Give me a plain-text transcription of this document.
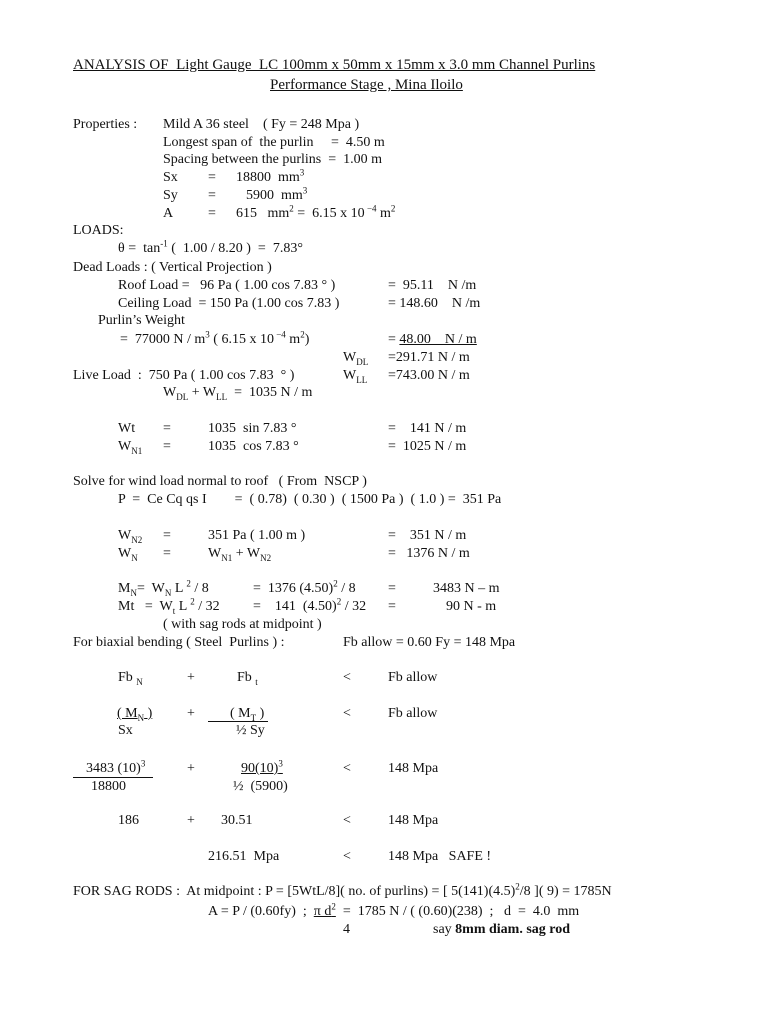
ANALYSIS OF  Light Gauge  LC 100mm x 50mm x 15mm x 3.0 mm Channel Purlins
Performance Stage , Mina Iloilo
Properties : Mild A 36 steel    ( Fy = 248 Mpa )
Longest span of  the purlin     =  4.50 m
Spacing between the purlins  =  1.00 m
Sx = 18800  $mm^3$
Sy = 5900  $mm^3$
A = 615   $mm^2 = 6.15$ x 10 $^{-4}$ $m^2$
LOADS:
$\theta = \tan^{-1}$ (  1.00 / 8.20 )  =  7.83°
Dead Loads : ( Vertical Projection )
Roof Load =   96 Pa ( 1.00 cos 7.83 ° )	=  95.11    N /m
Ceiling Load  = 150 Pa (1.00 cos 7.83 )	= 148.60    N /m
Purlin’s Weight
=  77000 N / $m^3$ ( 6.15 x 10 $^{-4}$ $m^2$)	= 48.00    N / m
$W_{DL} =291.71$ N / m
Live Load  :  750 Pa ( 1.00 cos 7.83  ° )	$W_{LL} =743.00$ N / m
$W_{DL} + W_{LL} = 1035$ N / m
Wt =	1035  sin 7.83 °	=    141 N / m
$W_{N1}$ =	1035  cos 7.83 °	=  1025 N / m
Solve for wind load normal to roof   ( From  NSCP )
P  =  Ce Cq qs I        =  ( 0.78)  ( 0.30 )  ( 1500 Pa )  ( 1.0 ) =  351 Pa
$W_{N2}$ =	351 Pa ( 1.00 m )	=    351 N / m
$W_N$ =	$W_{N1} + W_{N2}$	=   1376 N / m
$M_N= W_N$ L $^2$ / 8	=  1376 $(4.50)^2 / 8$ =	3483 N – m
$Mt = W_t$ L $^2$ / 32 =    141  $(4.50)^2 / 32$ =	90 N - m
( with sag rods at midpoint )
For biaxial bending ( Steel  Purlins ) :	Fb allow = 0.60 Fy = 148 Mpa
Fb $_N$	+	Fb $_t$	<	Fb allow
( $M_N$ ) +	( $M_T$ )	<	Fb allow
Sx	½ Sy
3483 $(10)^3$	+	$90(10)^3$	<	148 Mpa
18800	½  (5900)
186	+ 30.51	<	148 Mpa
216.51  Mpa	<	148 Mpa   SAFE !
FOR SAG RODS :  At midpoint : P = [5WtL/8]( no. of purlins) = [ $5(141)(4.5)^2/8$ ]( 9) = 1785N
A = P / (0.60fy)  ;  π $d^2 = 1785$ N / ( (0.60)(238)  ;   d  =  4.0  mm
4	say 8mm diam. sag rod
